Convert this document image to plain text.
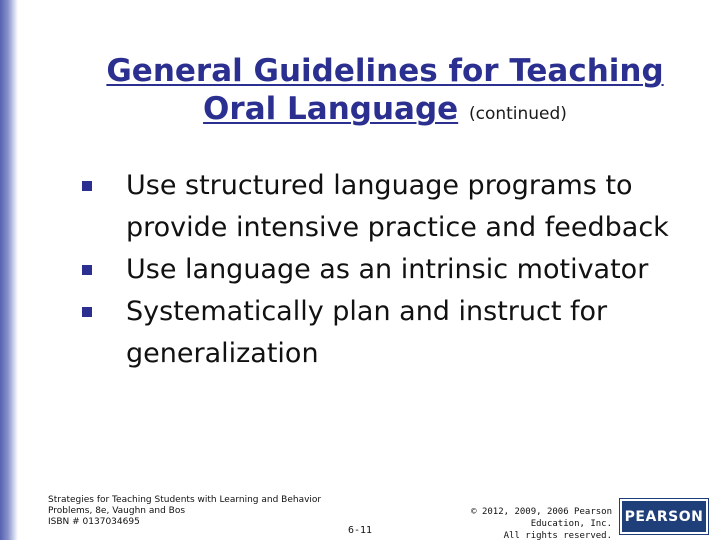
General Guidelines for Teaching
Oral Language (continued)
Use structured language programs to
provide intensive practice and feedback
Use language as an intrinsic motivator
Systematically plan and instruct for
generalization
Strategies for Teaching Students with Learning and Behavior
Problems, 8e, Vaughn and Bos
ISBN # 0137034695
6-11
© 2012, 2009, 2006 Pearson
Education, Inc.
All rights reserved.
PEARSON
